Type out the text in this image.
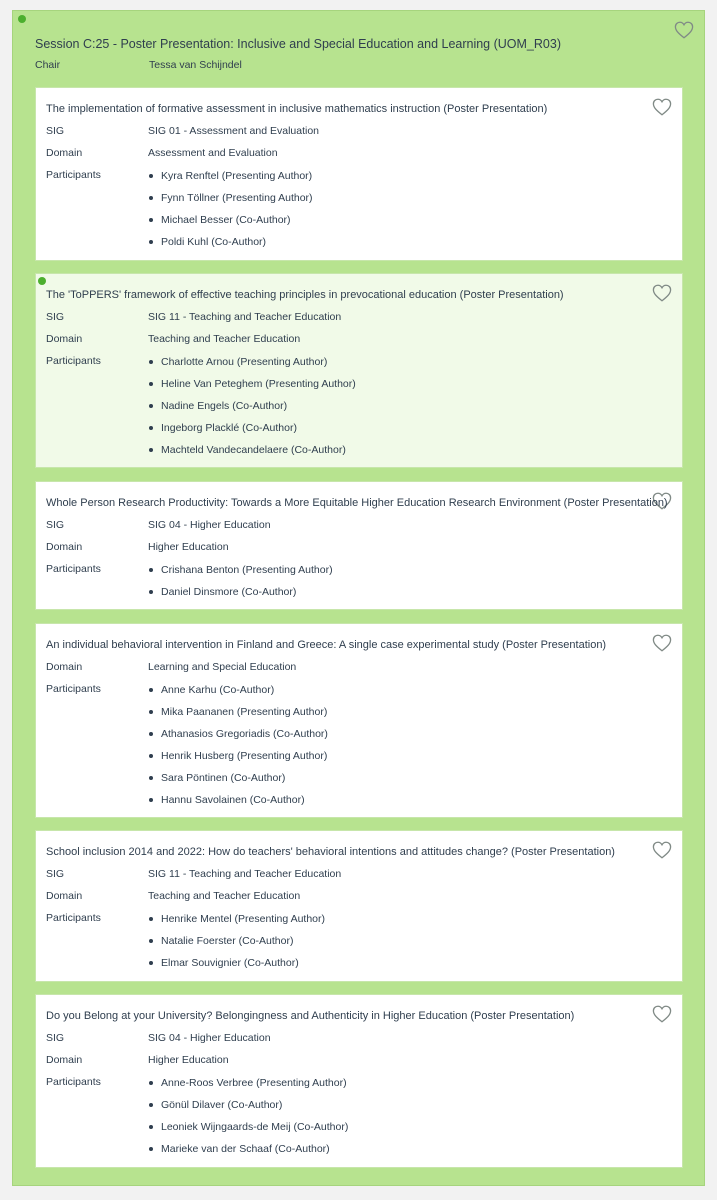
Session C:25 - Poster Presentation: Inclusive and Special Education and Learning (UOM_R03)
Chair	Tessa van Schijndel
The implementation of formative assessment in inclusive mathematics instruction (Poster Presentation)
SIG	SIG 01 - Assessment and Evaluation
Domain	Assessment and Evaluation
Participants	Kyra Renftel (Presenting Author)
Fynn Töllner (Presenting Author)
Michael Besser (Co-Author)
Poldi Kuhl (Co-Author)
The 'ToPPERS' framework of effective teaching principles in prevocational education (Poster Presentation)
SIG	SIG 11 - Teaching and Teacher Education
Domain	Teaching and Teacher Education
Participants	Charlotte Arnou (Presenting Author)
Heline Van Peteghem (Presenting Author)
Nadine Engels (Co-Author)
Ingeborg Placklé (Co-Author)
Machteld Vandecandelaere (Co-Author)
Whole Person Research Productivity: Towards a More Equitable Higher Education Research Environment (Poster Presentation)
SIG	SIG 04 - Higher Education
Domain	Higher Education
Participants	Crishana Benton (Presenting Author)
Daniel Dinsmore (Co-Author)
An individual behavioral intervention in Finland and Greece: A single case experimental study (Poster Presentation)
Domain	Learning and Special Education
Participants	Anne Karhu (Co-Author)
Mika Paananen (Presenting Author)
Athanasios Gregoriadis (Co-Author)
Henrik Husberg (Presenting Author)
Sara Pöntinen (Co-Author)
Hannu Savolainen (Co-Author)
School inclusion 2014 and 2022: How do teachers' behavioral intentions and attitudes change? (Poster Presentation)
SIG	SIG 11 - Teaching and Teacher Education
Domain	Teaching and Teacher Education
Participants	Henrike Mentel (Presenting Author)
Natalie Foerster (Co-Author)
Elmar Souvignier (Co-Author)
Do you Belong at your University? Belongingness and Authenticity in Higher Education (Poster Presentation)
SIG	SIG 04 - Higher Education
Domain	Higher Education
Participants	Anne-Roos Verbree (Presenting Author)
Gönül Dilaver (Co-Author)
Leoniek Wijngaards-de Meij (Co-Author)
Marieke van der Schaaf (Co-Author)
